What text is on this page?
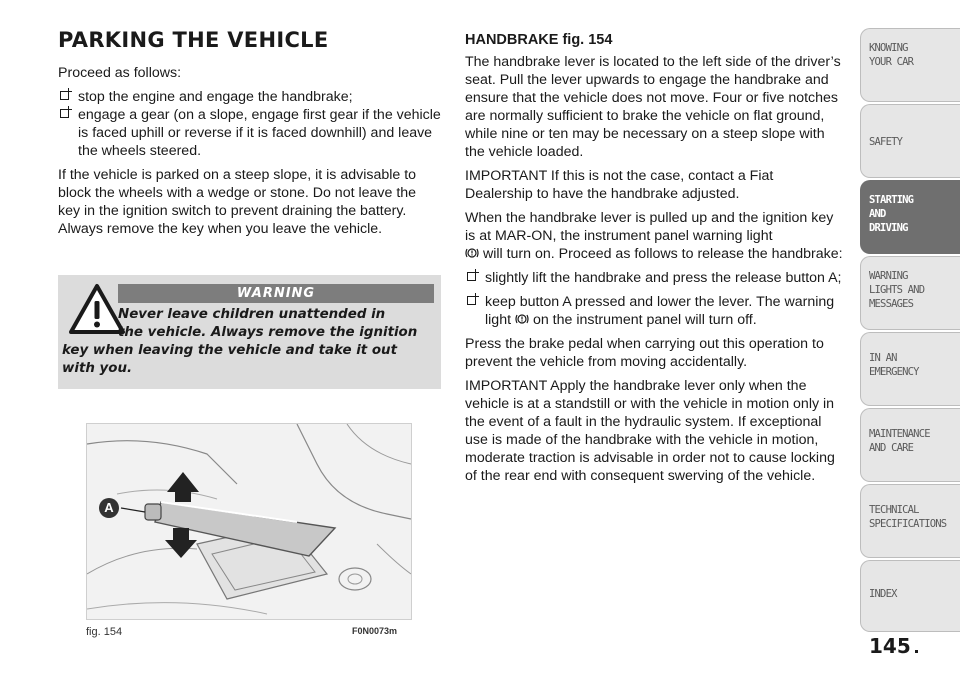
PARKING THE VEHICLE

Proceed as follows:

stop the engine and engage the handbrake;
engage a gear (on a slope, engage first gear if the vehicle is faced uphill or reverse if it is faced downhill) and leave the wheels steered.

If the vehicle is parked on a steep slope, it is advisable to block the wheels with a wedge or stone. Do not leave the key in the ignition switch to prevent draining the battery. Always remove the key when you leave the vehicle.

WARNING
Never leave children unattended in
the vehicle. Always remove the ignition
key when leaving the vehicle and take it out with you.
A
fig. 154	F0N0073m
HANDBRAKE fig. 154

The handbrake lever is located to the left side of the driver’s seat. Pull the lever upwards to engage the handbrake and ensure that the vehicle does not move. Four or five notches are normally sufficient to brake the vehicle on flat ground, while nine or ten may be necessary on a steep slope with the vehicle loaded.

IMPORTANT If this is not the case, contact a Fiat Dealership to have the handbrake adjusted.

When the handbrake lever is pulled up and the ignition key is at MAR-ON, the instrument panel warning light
will turn on. Proceed as follows to release the handbrake:

slightly lift the handbrake and press the release button A;
keep button A pressed and lower the lever. The warning light on the instrument panel will turn off.

Press the brake pedal when carrying out this operation to prevent the vehicle from moving accidentally.

IMPORTANT Apply the handbrake lever only when the vehicle is at a standstill or with the vehicle in motion only in the event of a fault in the hydraulic system. If exceptional use is made of the handbrake with the vehicle in motion, moderate traction is advisable in order not to cause locking of the rear end with consequent swerving of the vehicle.

KNOWING
YOUR CAR
SAFETY
STARTING
AND
DRIVING
WARNING
LIGHTS AND
MESSAGES
IN AN
EMERGENCY
MAINTENANCE
AND CARE
TECHNICAL
SPECIFICATIONS
INDEX
145
